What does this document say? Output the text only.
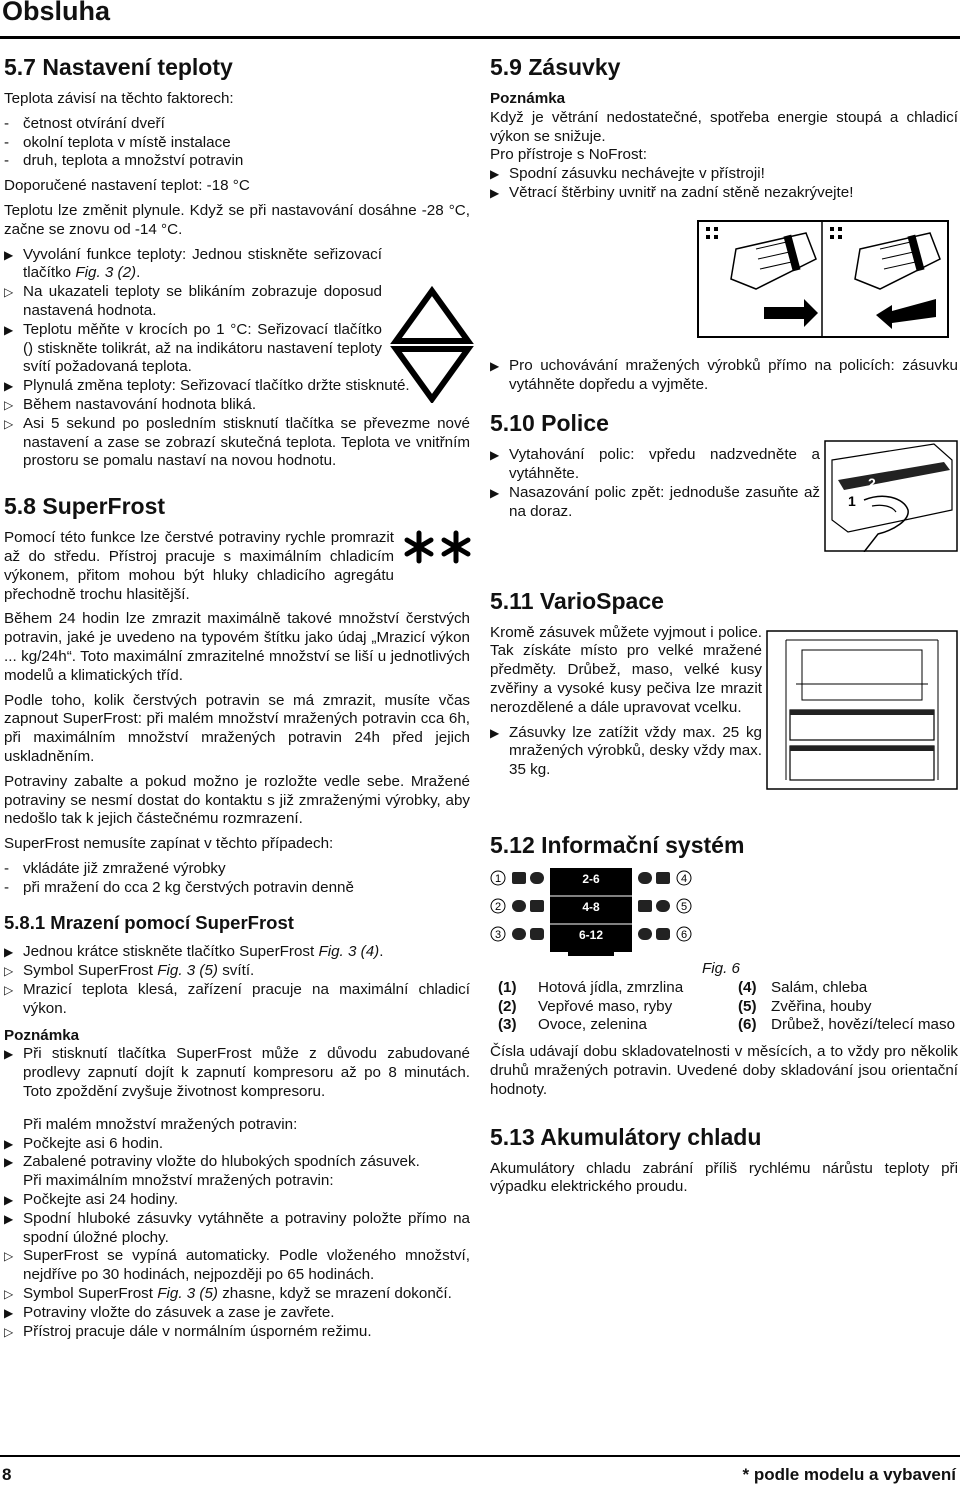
Obsluha
5.7 Nastavení teploty

Teplota závisí na těchto faktorech:

- četnost otvírání dveří
- okolní teplota v místě instalace
- druh, teplota a množství potravin

Doporučené nastavení teplot: -18 °C

Teplotu lze změnit plynule. Když se při nastavování dosáhne -28 °C, začne se znovu od -14 °C.

▶ Vyvolání funkce teploty: Jednou stiskněte seřizovací tlačítko Fig. 3 (2).
▷ Na ukazateli teploty se blikáním zobrazuje doposud nastavená hodnota.
▶ Teplotu měňte v krocích po 1 °C: Seřizovací tlačítko () stiskněte tolikrát, až na indikátoru nastavení teploty svítí požadovaná teplota.
▶ Plynulá změna teploty: Seřizovací tlačítko držte stisknuté.
▷ Během nastavování hodnota bliká.
▷ Asi 5 sekund po posledním stisknutí tlačítka se převezme nové nastavení a zase se zobrazí skutečná teplota. Teplota ve vnitřním prostoru se pomalu nastaví na novou hodnotu.
5.8 SuperFrost

Pomocí této funkce lze čerstvé potraviny rychle promrazit až do středu. Přístroj pracuje s maximálním chladicím výkonem, přitom mohou být hluky chladicího agregátu přechodně trochu hlasitější.

Během 24 hodin lze zmrazit maximálně takové množství čerstvých potravin, jaké je uvedeno na typovém štítku jako údaj „Mrazicí výkon ... kg/24h“. Toto maximální zmrazitelné množství se liší u jednotlivých modelů a klimatických tříd.

Podle toho, kolik čerstvých potravin se má zmrazit, musíte včas zapnout SuperFrost: při malém množství mražených potravin cca 6h, při maximálním množství mražených potravin 24h před jejich uskladněním.

Potraviny zabalte a pokud možno je rozložte vedle sebe. Mražené potraviny se nesmí dostat do kontaktu s již zmraženými výrobky, aby nedošlo tak k jejich částečnému rozmrazení.

SuperFrost nemusíte zapínat v těchto případech:

- vkládáte již zmražené výrobky
- při mražení do cca 2 kg čerstvých potravin denně
5.8.1 Mrazení pomocí SuperFrost
▶ Jednou krátce stiskněte tlačítko SuperFrost Fig. 3 (4).
▷ Symbol SuperFrost Fig. 3 (5) svítí.
▷ Mrazicí teplota klesá, zařízení pracuje na maximální chladicí výkon.
Poznámka
▶ Při stisknutí tlačítka SuperFrost může z důvodu zabudované prodlevy zapnutí dojít k zapnutí kompresoru až po 8 minutách. Toto zpoždění zvyšuje životnost kompresoru.
Při malém množství mražených potravin:
▶ Počkejte asi 6 hodin.
▶ Zabalené potraviny vložte do hlubokých spodních zásuvek.
Při maximálním množství mražených potravin:
▶ Počkejte asi 24 hodiny.
▶ Spodní hluboké zásuvky vytáhněte a potraviny položte přímo na spodní úložné plochy.
▷ SuperFrost se vypíná automaticky. Podle vloženého množství, nejdříve po 30 hodinách, nejpozději po 65 hodinách.
▷ Symbol SuperFrost Fig. 3 (5) zhasne, když se mrazení dokončí.
▶ Potraviny vložte do zásuvek a zase je zavřete.
▷ Přístroj pracuje dále v normálním úsporném režimu.
5.9 Zásuvky
Poznámka

Když je větrání nedostatečné, spotřeba energie stoupá a chladicí výkon se snižuje.

Pro přístroje s NoFrost:
▶ Spodní zásuvku nechávejte v přístroji!
▶ Větrací štěrbiny uvnitř na zadní stěně nezakrývejte!
▶ Pro uchovávání mražených výrobků přímo na policích: zásuvku vytáhněte dopředu a vyjměte.
5.10 Police
2
1
▶ Vytahování polic: vpředu nadzvedněte a vytáhněte.
▶ Nasazování polic zpět: jednoduše zasuňte až na doraz.
5.11 VarioSpace

Kromě zásuvek můžete vyjmout i police. Tak získáte místo pro velké mražené předměty. Drůbež, maso, velké kusy zvěřiny a vysoké kusy pečiva lze mrazit nerozdělené a dále upravovat vcelku.

▶ Zásuvky lze zatížit vždy max. 25 kg mražených výrobků, desky vždy max. 35 kg.
5.12 Informační systém
1
2
3
4
5
6
2-6
4-8
6-12
Fig. 6
(1)	Hotová jídla, zmrzlina	(4) Salám, chleba
(2)	Vepřové maso, ryby	(5) Zvěřina, houby
(3)	Ovoce, zelenina	(6) Drůbež, hovězí/telecí maso

Čísla udávají dobu skladovatelnosti v měsících, a to vždy pro několik druhů mražených potravin. Uvedené doby skladování jsou orientační hodnoty.

5.13 Akumulátory chladu

Akumulátory chladu zabrání příliš rychlému nárůstu teploty při výpadku elektrického proudu.

8	* podle modelu a vybavení
